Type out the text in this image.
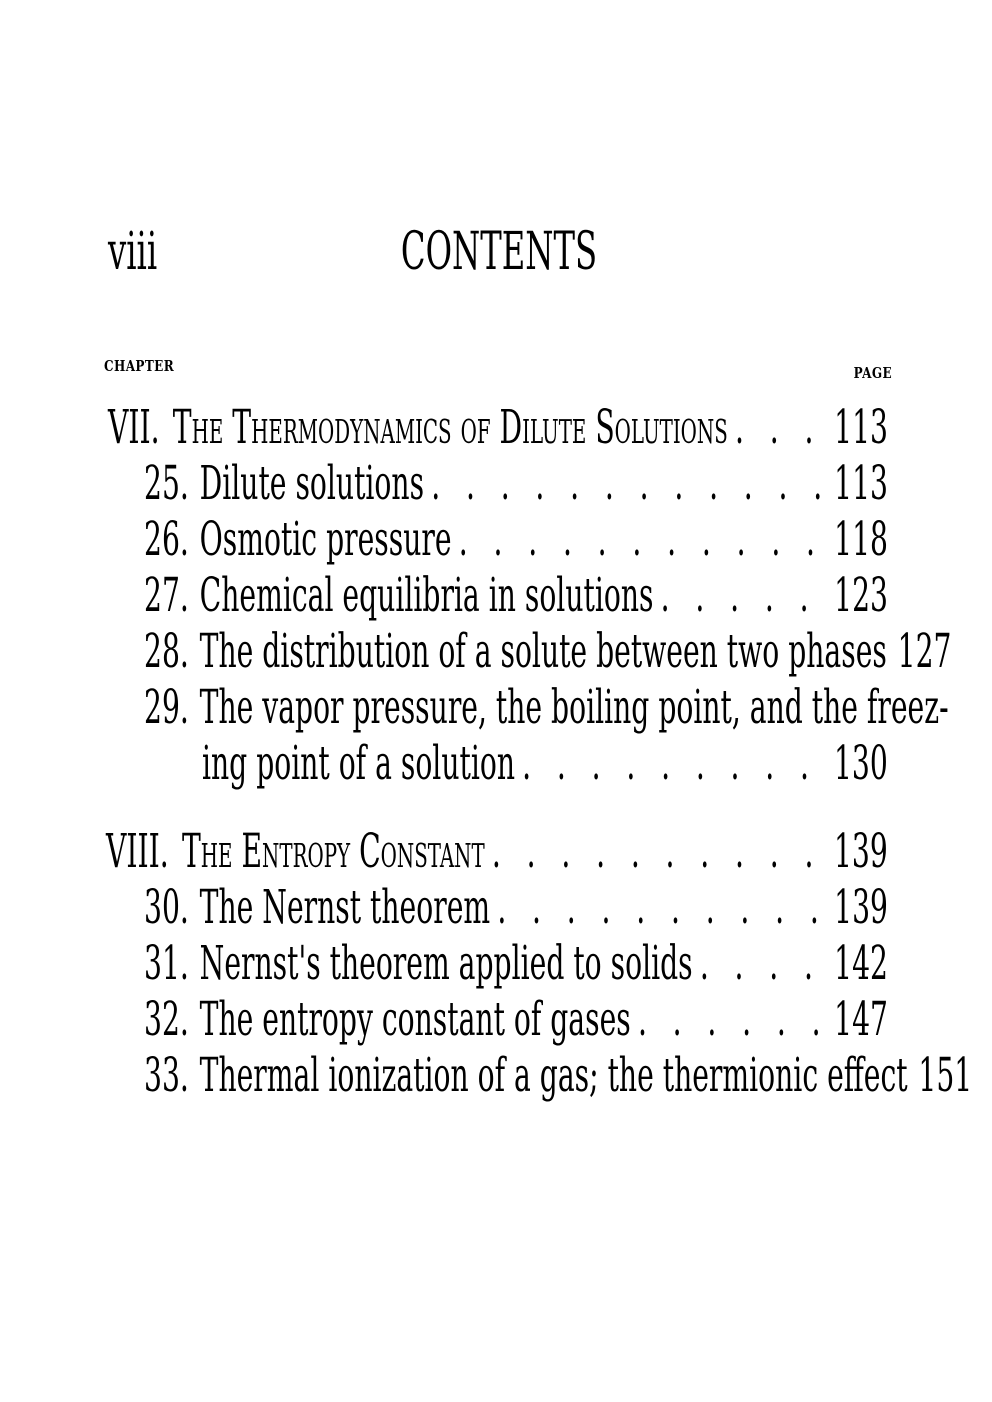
viii	CONTENTS
CHAPTER	PAGE
VII. The Thermodynamics of Dilute Solutions . . . 113
25. Dilute solutions . . .	113
26. Osmotic pressure . . .	118
27. Chemical equilibria in solutions . . .	123
28. The distribution of a solute between two phases . . . 127
29. The vapor pressure, the boiling point, and the freez-
ing point of a solution . . .	130
VIII. The Entropy Constant . . .	139
30. The Nernst theorem . . .	139
31. Nernst's theorem applied to solids . . .	142
32. The entropy constant of gases . . .	147
33. Thermal ionization of a gas; the thermionic effect . . . 151
